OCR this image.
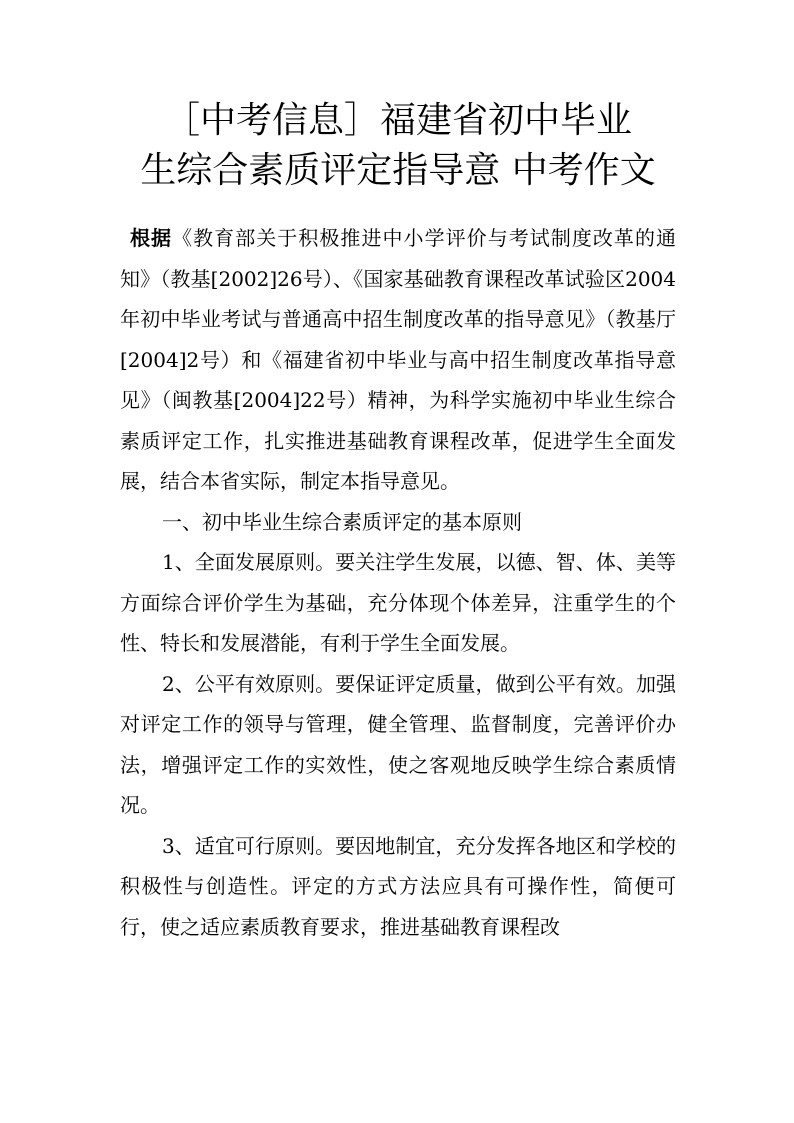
［中考信息］福建省初中毕业
生综合素质评定指导意 中考作文

根据《教育部关于积极推进中小学评价与考试制度改革的通知》（教基[2002]26号）、《国家基础教育课程改革试验区2004年初中毕业考试与普通高中招生制度改革的指导意见》（教基厅[2004]2号）和《福建省初中毕业与高中招生制度改革指导意见》（闽教基[2004]22号）精神，为科学实施初中毕业生综合素质评定工作，扎实推进基础教育课程改革，促进学生全面发展，结合本省实际，制定本指导意见。

一、初中毕业生综合素质评定的基本原则

1、全面发展原则。要关注学生发展，以德、智、体、美等方面综合评价学生为基础，充分体现个体差异，注重学生的个性、特长和发展潜能，有利于学生全面发展。

2、公平有效原则。要保证评定质量，做到公平有效。加强对评定工作的领导与管理，健全管理、监督制度，完善评价办法，增强评定工作的实效性，使之客观地反映学生综合素质情况。

3、适宜可行原则。要因地制宜，充分发挥各地区和学校的积极性与创造性。评定的方式方法应具有可操作性，简便可行，使之适应素质教育要求，推进基础教育课程改
